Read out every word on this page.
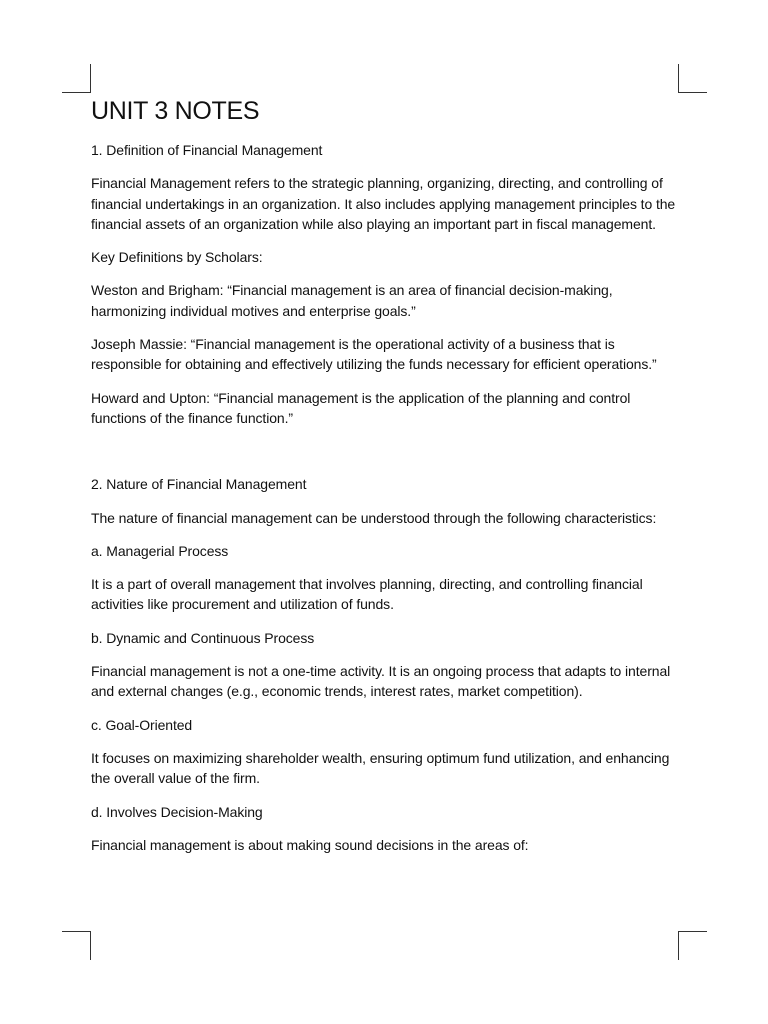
UNIT 3 NOTES

1. Definition of Financial Management

Financial Management refers to the strategic planning, organizing, directing, and controlling of financial undertakings in an organization. It also includes applying management principles to the financial assets of an organization while also playing an important part in fiscal management.

Key Definitions by Scholars:

Weston and Brigham: “Financial management is an area of financial decision-making, harmonizing individual motives and enterprise goals.”

Joseph Massie: “Financial management is the operational activity of a business that is responsible for obtaining and effectively utilizing the funds necessary for efficient operations.”

Howard and Upton: “Financial management is the application of the planning and control functions of the finance function.”

2. Nature of Financial Management

The nature of financial management can be understood through the following characteristics:

a. Managerial Process

It is a part of overall management that involves planning, directing, and controlling financial activities like procurement and utilization of funds.

b. Dynamic and Continuous Process

Financial management is not a one-time activity. It is an ongoing process that adapts to internal and external changes (e.g., economic trends, interest rates, market competition).

c. Goal-Oriented

It focuses on maximizing shareholder wealth, ensuring optimum fund utilization, and enhancing the overall value of the firm.

d. Involves Decision-Making

Financial management is about making sound decisions in the areas of:
